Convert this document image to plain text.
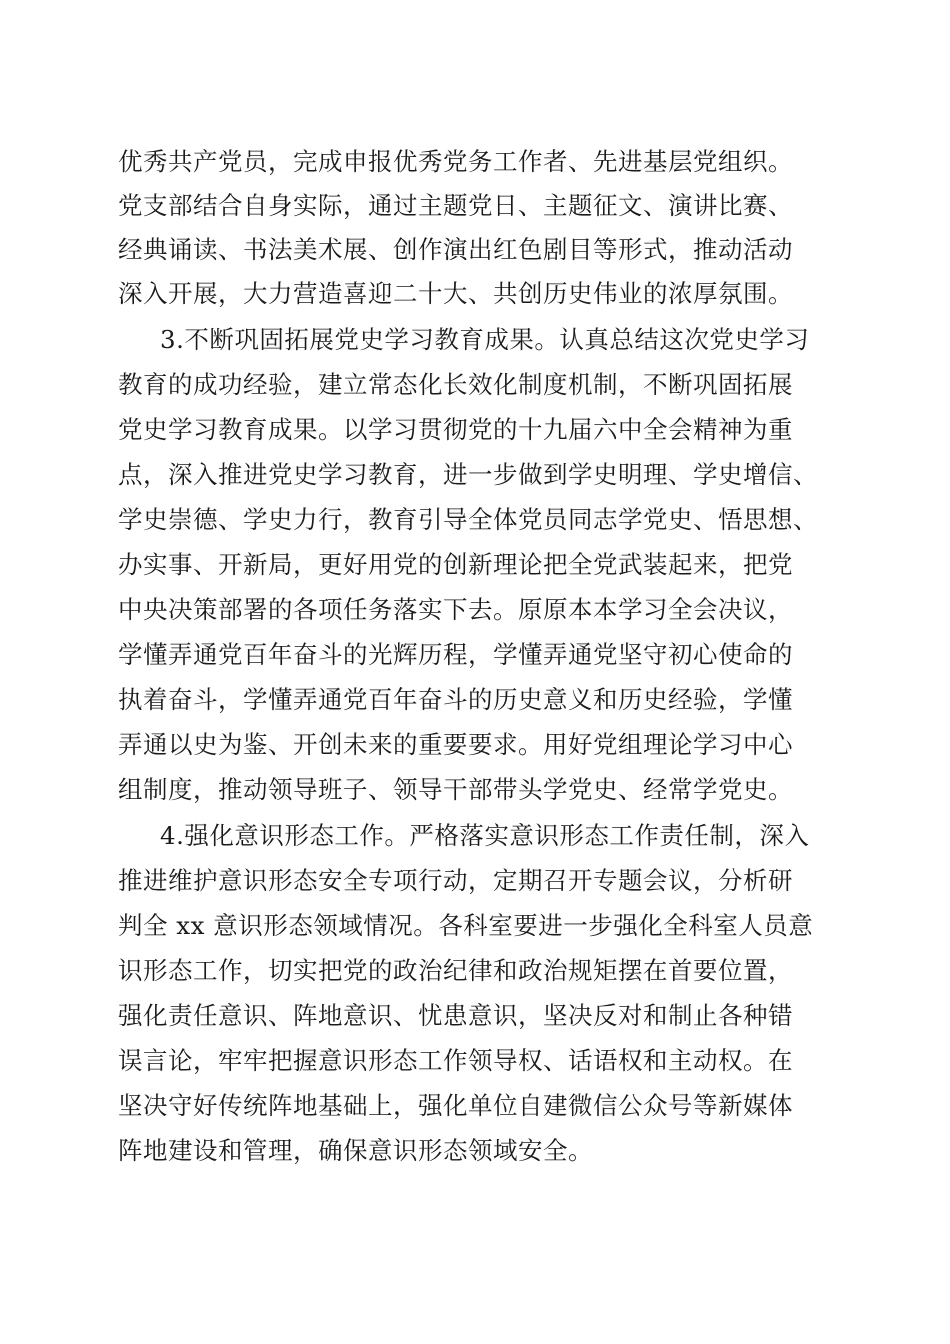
优秀共产党员，完成申报优秀党务工作者、先进基层党组织。
党支部结合自身实际，通过主题党日、主题征文、演讲比赛、
经典诵读、书法美术展、创作演出红色剧目等形式，推动活动
深入开展，大力营造喜迎二十大、共创历史伟业的浓厚氛围。
3.不断巩固拓展党史学习教育成果。认真总结这次党史学习
教育的成功经验，建立常态化长效化制度机制，不断巩固拓展
党史学习教育成果。以学习贯彻党的十九届六中全会精神为重
点，深入推进党史学习教育，进一步做到学史明理、学史增信、
学史崇德、学史力行，教育引导全体党员同志学党史、悟思想、
办实事、开新局，更好用党的创新理论把全党武装起来，把党
中央决策部署的各项任务落实下去。原原本本学习全会决议，
学懂弄通党百年奋斗的光辉历程，学懂弄通党坚守初心使命的
执着奋斗，学懂弄通党百年奋斗的历史意义和历史经验，学懂
弄通以史为鉴、开创未来的重要要求。用好党组理论学习中心
组制度，推动领导班子、领导干部带头学党史、经常学党史。
4.强化意识形态工作。严格落实意识形态工作责任制，深入
推进维护意识形态安全专项行动，定期召开专题会议，分析研
判全 xx 意识形态领域情况。各科室要进一步强化全科室人员意
识形态工作，切实把党的政治纪律和政治规矩摆在首要位置，
强化责任意识、阵地意识、忧患意识，坚决反对和制止各种错
误言论，牢牢把握意识形态工作领导权、话语权和主动权。在
坚决守好传统阵地基础上，强化单位自建微信公众号等新媒体
阵地建设和管理，确保意识形态领域安全。
